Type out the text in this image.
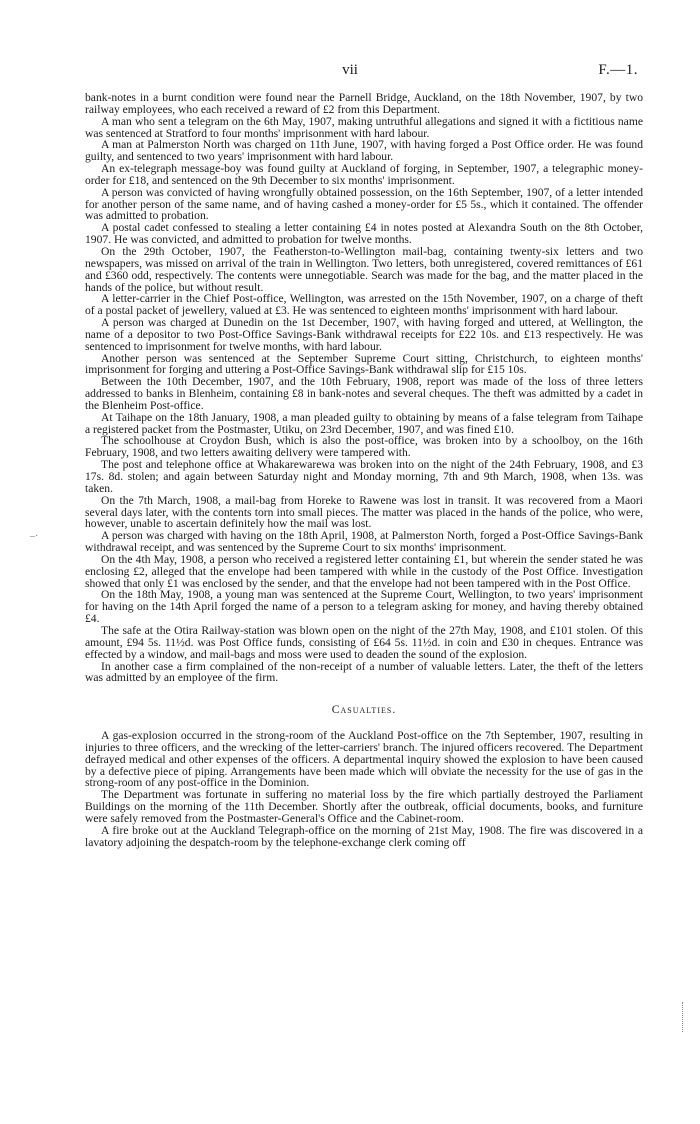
vii	F.—1.
–·

bank-notes in a burnt condition were found near the Parnell Bridge, Auckland, on the 18th November, 1907, by two railway employees, who each received a reward of £2 from this Department.

A man who sent a telegram on the 6th May, 1907, making untruthful allegations and signed it with a fictitious name was sentenced at Stratford to four months' imprisonment with hard labour.

A man at Palmerston North was charged on 11th June, 1907, with having forged a Post Office order. He was found guilty, and sentenced to two years' imprisonment with hard labour.

An ex-telegraph message-boy was found guilty at Auckland of forging, in September, 1907, a telegraphic money-order for £18, and sentenced on the 9th December to six months' imprisonment.

A person was convicted of having wrongfully obtained possession, on the 16th September, 1907, of a letter intended for another person of the same name, and of having cashed a money-order for £5 5s., which it contained. The offender was admitted to probation.

A postal cadet confessed to stealing a letter containing £4 in notes posted at Alexandra South on the 8th October, 1907. He was convicted, and admitted to probation for twelve months.

On the 29th October, 1907, the Featherston-to-Wellington mail-bag, containing twenty-six letters and two newspapers, was missed on arrival of the train in Wellington. Two letters, both unregistered, covered remittances of £61 and £360 odd, respectively. The contents were unnegotiable. Search was made for the bag, and the matter placed in the hands of the police, but without result.

A letter-carrier in the Chief Post-office, Wellington, was arrested on the 15th November, 1907, on a charge of theft of a postal packet of jewellery, valued at £3. He was sentenced to eighteen months' imprisonment with hard labour.

A person was charged at Dunedin on the 1st December, 1907, with having forged and uttered, at Wellington, the name of a depositor to two Post-Office Savings-Bank withdrawal receipts for £22 10s. and £13 respectively. He was sentenced to imprisonment for twelve months, with hard labour.

Another person was sentenced at the September Supreme Court sitting, Christchurch, to eighteen months' imprisonment for forging and uttering a Post-Office Savings-Bank withdrawal slip for £15 10s.

Between the 10th December, 1907, and the 10th February, 1908, report was made of the loss of three letters addressed to banks in Blenheim, containing £8 in bank-notes and several cheques. The theft was admitted by a cadet in the Blenheim Post-office.

At Taihape on the 18th January, 1908, a man pleaded guilty to obtaining by means of a false telegram from Taihape a registered packet from the Postmaster, Utiku, on 23rd December, 1907, and was fined £10.

The schoolhouse at Croydon Bush, which is also the post-office, was broken into by a schoolboy, on the 16th February, 1908, and two letters awaiting delivery were tampered with.

The post and telephone office at Whakarewarewa was broken into on the night of the 24th February, 1908, and £3 17s. 8d. stolen; and again between Saturday night and Monday morning, 7th and 9th March, 1908, when 13s. was taken.

On the 7th March, 1908, a mail-bag from Horeke to Rawene was lost in transit. It was recovered from a Maori several days later, with the contents torn into small pieces. The matter was placed in the hands of the police, who were, however, unable to ascertain definitely how the mail was lost.

A person was charged with having on the 18th April, 1908, at Palmerston North, forged a Post-Office Savings-Bank withdrawal receipt, and was sentenced by the Supreme Court to six months' imprisonment.

On the 4th May, 1908, a person who received a registered letter containing £1, but wherein the sender stated he was enclosing £2, alleged that the envelope had been tampered with while in the custody of the Post Office. Investigation showed that only £1 was enclosed by the sender, and that the envelope had not been tampered with in the Post Office.

On the 18th May, 1908, a young man was sentenced at the Supreme Court, Wellington, to two years' imprisonment for having on the 14th April forged the name of a person to a telegram asking for money, and having thereby obtained £4.

The safe at the Otira Railway-station was blown open on the night of the 27th May, 1908, and £101 stolen. Of this amount, £94 5s. 11½d. was Post Office funds, consisting of £64 5s. 11½d. in coin and £30 in cheques. Entrance was effected by a window, and mail-bags and moss were used to deaden the sound of the explosion.

In another case a firm complained of the non-receipt of a number of valuable letters. Later, the theft of the letters was admitted by an employee of the firm.

Casualties.

A gas-explosion occurred in the strong-room of the Auckland Post-office on the 7th September, 1907, resulting in injuries to three officers, and the wrecking of the letter-carriers' branch. The injured officers recovered. The Department defrayed medical and other expenses of the officers. A departmental inquiry showed the explosion to have been caused by a defective piece of piping. Arrangements have been made which will obviate the necessity for the use of gas in the strong-room of any post-office in the Dominion.

The Department was fortunate in suffering no material loss by the fire which partially destroyed the Parliament Buildings on the morning of the 11th December. Shortly after the outbreak, official documents, books, and furniture were safely removed from the Postmaster-General's Office and the Cabinet-room.

A fire broke out at the Auckland Telegraph-office on the morning of 21st May, 1908. The fire was discovered in a lavatory adjoining the despatch-room by the telephone-exchange clerk coming off
